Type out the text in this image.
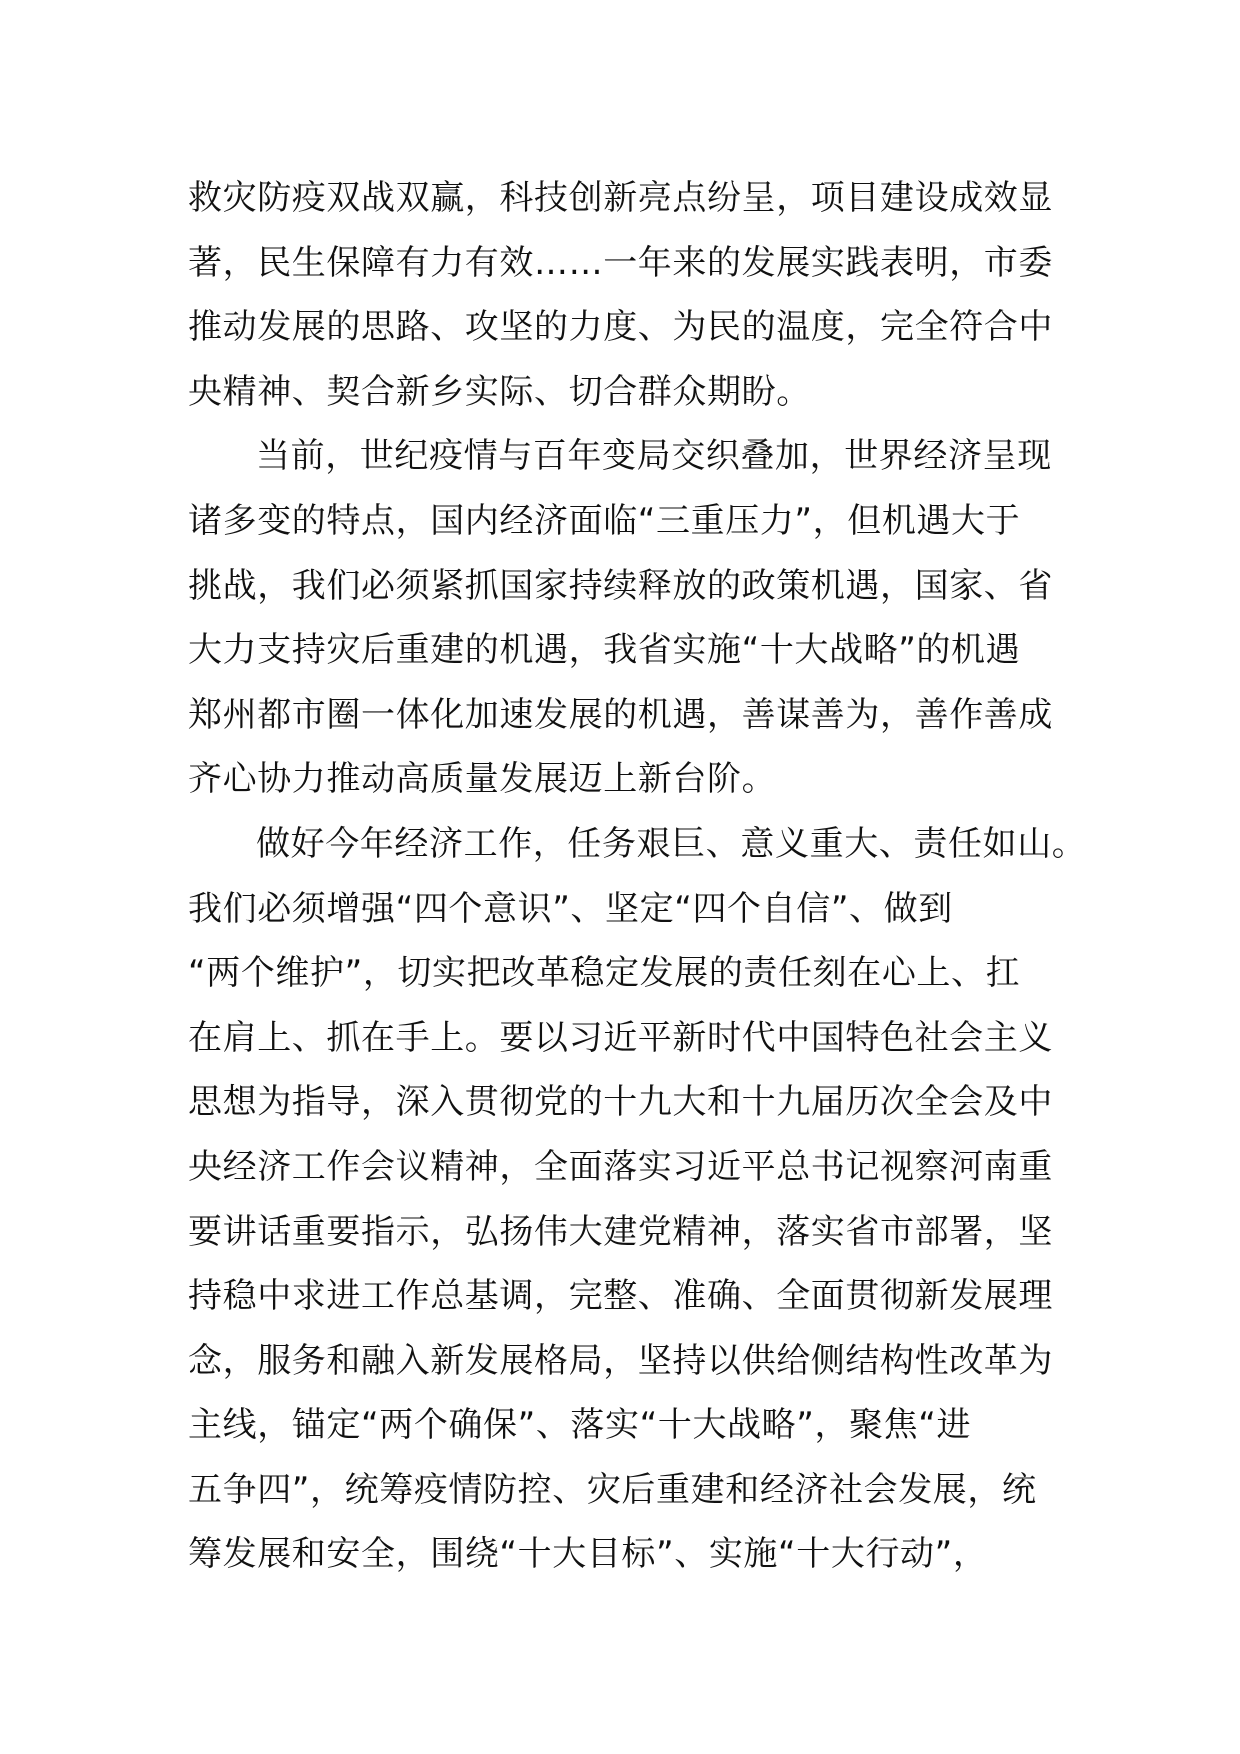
救灾防疫双战双赢，科技创新亮点纷呈，项目建设成效显
著，民生保障有力有效……一年来的发展实践表明，市委
推动发展的思路、攻坚的力度、为民的温度，完全符合中
央精神、契合新乡实际、切合群众期盼。
当前，世纪疫情与百年变局交织叠加，世界经济呈现
诸多变的特点，国内经济面临“三重压力”，但机遇大于
挑战，我们必须紧抓国家持续释放的政策机遇，国家、省
大力支持灾后重建的机遇，我省实施“十大战略”的机遇
郑州都市圈一体化加速发展的机遇，善谋善为，善作善成
齐心协力推动高质量发展迈上新台阶。
做好今年经济工作，任务艰巨、意义重大、责任如山。
我们必须增强“四个意识”、坚定“四个自信”、做到
“两个维护”，切实把改革稳定发展的责任刻在心上、扛
在肩上、抓在手上。要以习近平新时代中国特色社会主义
思想为指导，深入贯彻党的十九大和十九届历次全会及中
央经济工作会议精神，全面落实习近平总书记视察河南重
要讲话重要指示，弘扬伟大建党精神，落实省市部署，坚
持稳中求进工作总基调，完整、准确、全面贯彻新发展理
念，服务和融入新发展格局，坚持以供给侧结构性改革为
主线，锚定“两个确保”、落实“十大战略”，聚焦“进
五争四”，统筹疫情防控、灾后重建和经济社会发展，统
筹发展和安全，围绕“十大目标”、实施“十大行动”，
